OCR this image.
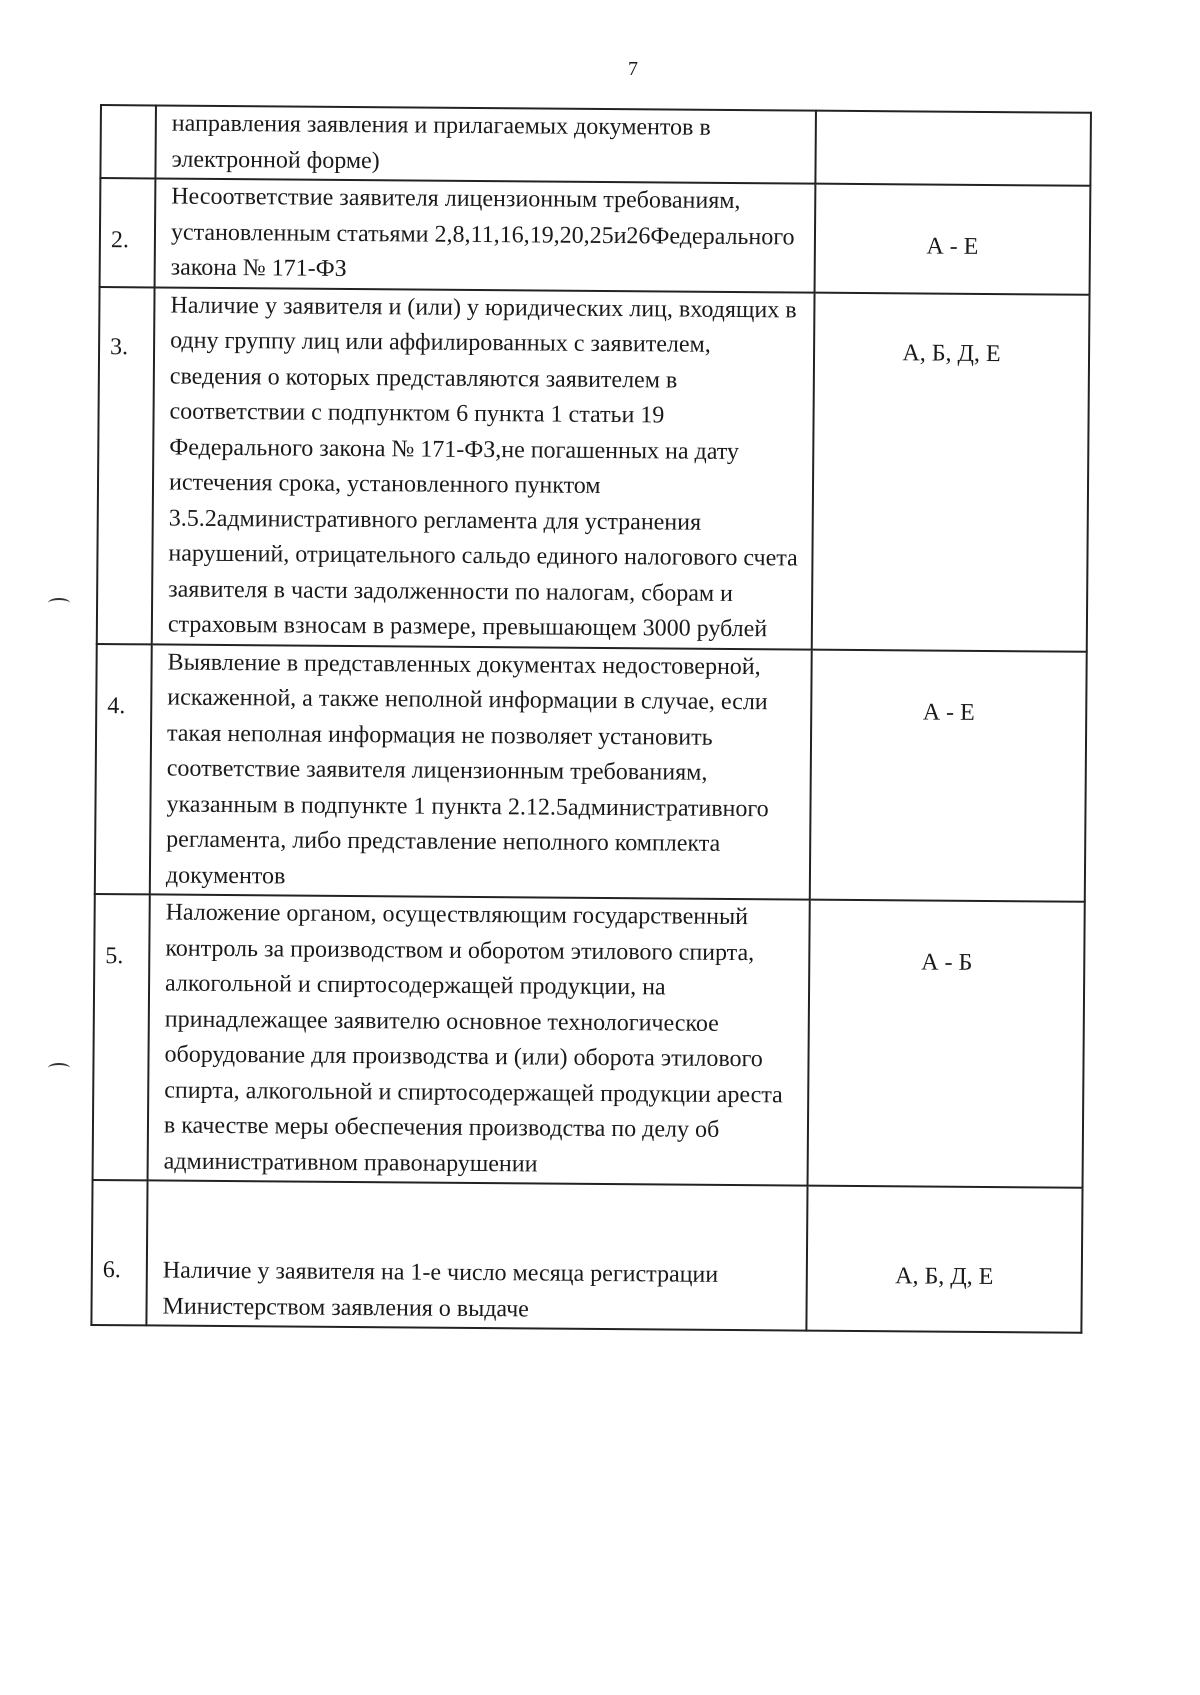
7
	направления заявления и прилагаемых документов в электронной форме)	
2.	Несоответствие заявителя лицензионным требованиям, установленным статьями 2,8,11,16,19,20,25и26Федерального закона № 171-ФЗ	А - Е
3.	Наличие у заявителя и (или) у юридических лиц, входящих в одну группу лиц или аффилированных с заявителем, сведения о которых представляются заявителем в соответствии с подпунктом 6 пункта 1 статьи 19 Федерального закона № 171-ФЗ,не погашенных на дату истечения срока, установленного пунктом 3.5.2административного регламента для устранения нарушений, отрицательного сальдо единого налогового счета заявителя в части задолженности по налогам, сборам и страховым взносам в размере, превышающем 3000 рублей	А, Б, Д, Е
4.	Выявление в представленных документах недостоверной, искаженной, а также неполной информации в случае, если такая неполная информация не позволяет установить соответствие заявителя лицензионным требованиям, указанным в подпункте 1 пункта 2.12.5административного регламента, либо представление неполного комплекта документов	А - Е
5.	Наложение органом, осуществляющим государственный контроль за производством и оборотом этилового спирта, алкогольной и спиртосодержащей продукции, на принадлежащее заявителю основное технологическое оборудование для производства и (или) оборота этилового спирта, алкогольной и спиртосодержащей продукции ареста в качестве меры обеспечения производства по делу об административном правонарушении	А - Б
6.	Наличие у заявителя на 1-е число месяца регистрации Министерством заявления о выдаче	А, Б, Д, Е
